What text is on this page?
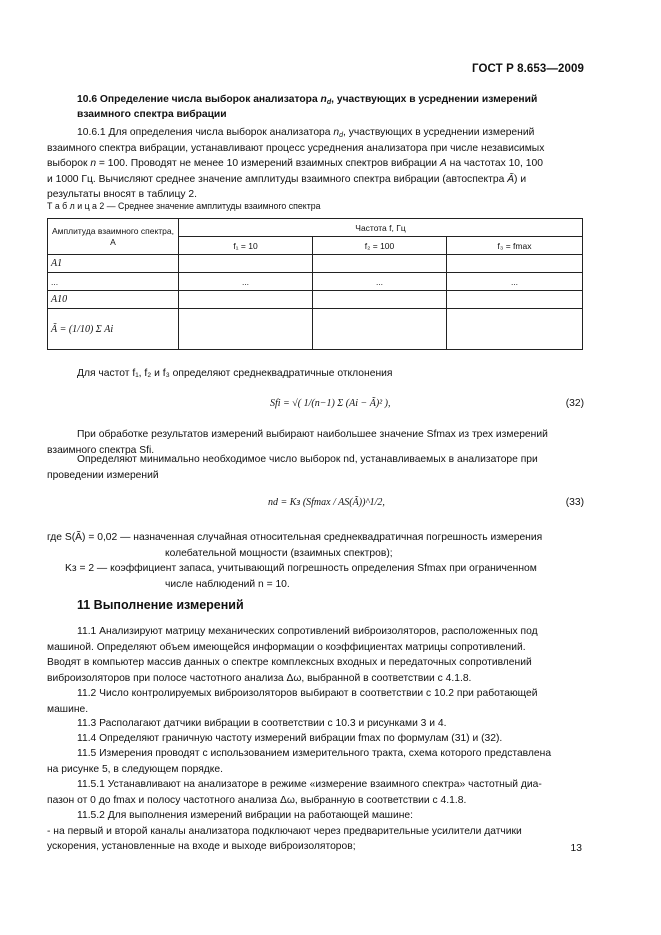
ГОСТ Р 8.653—2009
10.6 Определение числа выборок анализатора $n_d$, участвующих в усреднении измерений
взаимного спектра вибрации
10.6.1 Для определения числа выборок анализатора $n_d$, участвующих в усреднении измерений
взаимного спектра вибрации, устанавливают процесс усреднения анализатора при числе независимых
выборок n = 100. Проводят не менее 10 измерений взаимных спектров вибрации A на частотах 10, 100
и 1000 Гц. Вычисляют среднее значение амплитуды взаимного спектра вибрации (автоспектра Ã) и
результаты вносят в таблицу 2.
Т а б л и ц а 2 — Среднее значение амплитуды взаимного спектра
Амплитуда взаимного спектра, А	Частота f, Гц		
	f₁ = 10	f₂ = 100	f₃ = fmax
A1			
...	...	...	...
A10			
Ã = (1/10) Σ Ai			
Для частот f₁, f₂ и f₃ определяют среднеквадратичные отклонения
Sfi = √( 1/(n−1) Σ (Ai − Ã)² ),	(32)
При обработке результатов измерений выбирают наибольшее значение Sfmax из трех измерений
взаимного спектра Sfi.
Определяют минимально необходимое число выборок nd, устанавливаемых в анализаторе при
проведении измерений
nd = Kз (Sfmax / AS(Ã))^1/2,	(33)
где S(Ã) = 0,02 — назначенная случайная относительная среднеквадратичная погрешность измерения
колебательной мощности (взаимных спектров);
Kз = 2 — коэффициент запаса, учитывающий погрешность определения Sfmax при ограниченном
числе наблюдений n = 10.
11 Выполнение измерений
11.1 Анализируют матрицу механических сопротивлений виброизоляторов, расположенных под
машиной. Определяют объем имеющейся информации о коэффициентах матрицы сопротивлений.
Вводят в компьютер массив данных о спектре комплексных входных и передаточных сопротивлений
виброизоляторов при полосе частотного анализа Δω, выбранной в соответствии с 4.1.8.
11.2 Число контролируемых виброизоляторов выбирают в соответствии с 10.2 при работающей
машине.
11.3 Располагают датчики вибрации в соответствии с 10.3 и рисунками 3 и 4.
11.4 Определяют граничную частоту измерений вибрации fmax по формулам (31) и (32).
11.5 Измерения проводят с использованием измерительного тракта, схема которого представлена
на рисунке 5, в следующем порядке.
11.5.1 Устанавливают на анализаторе в режиме «измерение взаимного спектра» частотный диа-
пазон от 0 до fmax и полосу частотного анализа Δω, выбранную в соответствии с 4.1.8.
11.5.2 Для выполнения измерений вибрации на работающей машине:
- на первый и второй каналы анализатора подключают через предварительные усилители датчики
ускорения, установленные на входе и выходе виброизоляторов;	13
